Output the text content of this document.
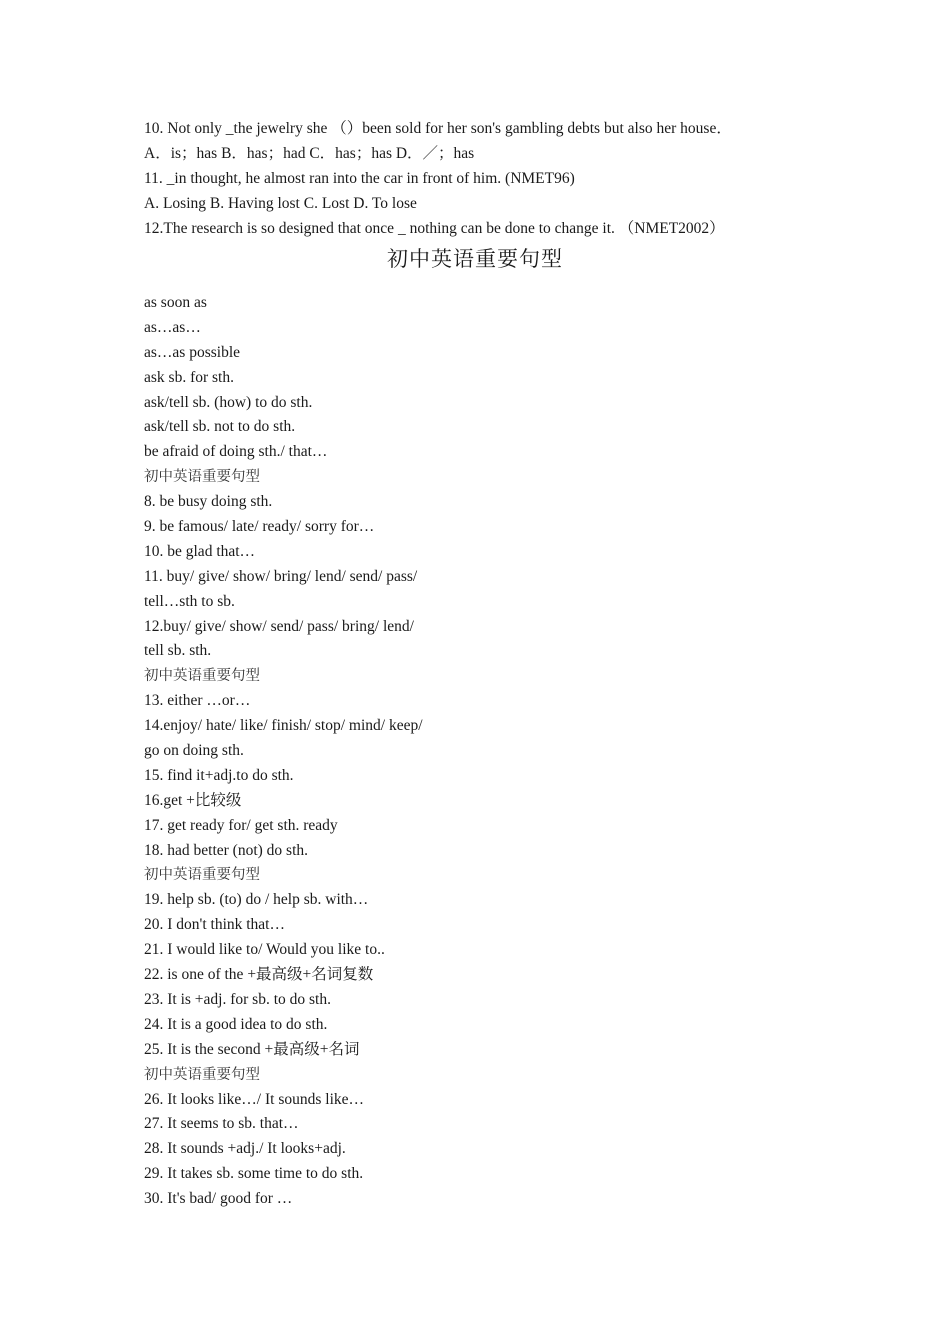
10. Not only _the jewelry she （）been sold for her son's gambling debts but also her house．
A．is；has B．has；had C．has；has D．／；has
11. _in thought, he almost ran into the car in front of him. (NMET96)
A. Losing B. Having lost C. Lost D. To lose
12.The research is so designed that once _ nothing can be done to change it. （NMET2002）
初中英语重要句型
as soon as
as…as…
as…as possible
ask sb. for sth.
ask/tell sb. (how) to do sth.
ask/tell sb. not to do sth.
be afraid of doing sth./ that…
初中英语重要句型
8. be busy doing sth.
9. be famous/ late/ ready/ sorry for…
10. be glad that…
11. buy/ give/ show/ bring/ lend/ send/ pass/
tell…sth to sb.
12.buy/ give/ show/ send/ pass/ bring/ lend/
tell sb. sth.
初中英语重要句型
13. either …or…
14.enjoy/ hate/ like/ finish/ stop/ mind/ keep/
go on doing sth.
15. find it+adj.to do sth.
16.get +比较级
17. get ready for/ get sth. ready
18. had better (not) do sth.
初中英语重要句型
19. help sb. (to) do / help sb. with…
20. I don't think that…
21. I would like to/ Would you like to..
22. is one of the +最高级+名词复数
23. It is +adj. for sb. to do sth.
24. It is a good idea to do sth.
25. It is the second +最高级+名词
初中英语重要句型
26. It looks like…/ It sounds like…
27. It seems to sb. that…
28. It sounds +adj./ It looks+adj.
29. It takes sb. some time to do sth.
30. It's bad/ good for …
